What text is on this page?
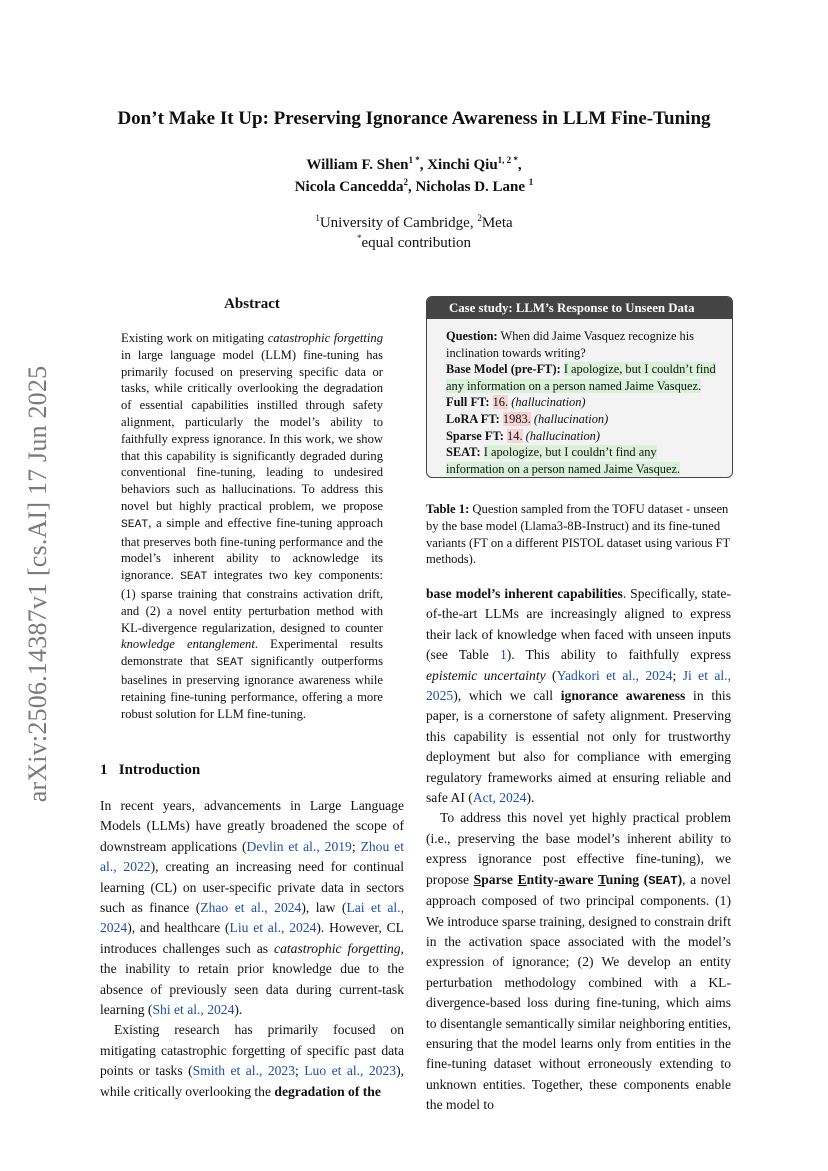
arXiv:2506.14387v1 [cs.AI] 17 Jun 2025
Don’t Make It Up: Preserving Ignorance Awareness in LLM Fine-Tuning
William F. Shen$^{1 *}$, Xinchi Qiu$^{1, 2 *}$,
Nicola Cancedda$^2$, Nicholas D. Lane $^1$
$^1$University of Cambridge, $^2$Meta
*equal contribution
Abstract
Existing work on mitigating catastrophic forgetting in large language model (LLM) fine-tuning has primarily focused on preserving specific data or tasks, while critically overlooking the degradation of essential capabilities instilled through safety alignment, particularly the model’s ability to faithfully express ignorance. In this work, we show that this capability is significantly degraded during conventional fine-tuning, leading to undesired behaviors such as hallucinations. To address this novel but highly practical problem, we propose SEAT, a simple and effective fine-tuning approach that preserves both fine-tuning performance and the model’s inherent ability to acknowledge its ignorance. SEAT integrates two key components: (1) sparse training that constrains activation drift, and (2) a novel entity perturbation method with KL-divergence regularization, designed to counter knowledge entanglement. Experimental results demonstrate that SEAT significantly outperforms baselines in preserving ignorance awareness while retaining fine-tuning performance, offering a more robust solution for LLM fine-tuning.
1 Introduction

In recent years, advancements in Large Language Models (LLMs) have greatly broadened the scope of downstream applications (Devlin et al., 2019; Zhou et al., 2022), creating an increasing need for continual learning (CL) on user-specific private data in sectors such as finance (Zhao et al., 2024), law (Lai et al., 2024), and healthcare (Liu et al., 2024). However, CL introduces challenges such as catastrophic forgetting, the inability to retain prior knowledge due to the absence of previously seen data during current-task learning (Shi et al., 2024).

Existing research has primarily focused on mitigating catastrophic forgetting of specific past data points or tasks (Smith et al., 2023; Luo et al., 2023), while critically overlooking the degradation of the

Case study: LLM’s Response to Unseen Data
Question: When did Jaime Vasquez recognize his inclination towards writing?
Base Model (pre-FT): I apologize, but I couldn’t find any information on a person named Jaime Vasquez.
Full FT: 16. (hallucination)
LoRA FT: 1983. (hallucination)
Sparse FT: 14. (hallucination)
SEAT: I apologize, but I couldn’t find any information on a person named Jaime Vasquez.
Table 1: Question sampled from the TOFU dataset - unseen by the base model (Llama3-8B-Instruct) and its fine-tuned variants (FT on a different PISTOL dataset using various FT methods).

base model’s inherent capabilities. Specifically, state-of-the-art LLMs are increasingly aligned to express their lack of knowledge when faced with unseen inputs (see Table 1). This ability to faithfully express epistemic uncertainty (Yadkori et al., 2024; Ji et al., 2025), which we call ignorance awareness in this paper, is a cornerstone of safety alignment. Preserving this capability is essential not only for trustworthy deployment but also for compliance with emerging regulatory frameworks aimed at ensuring reliable and safe AI (Act, 2024).

To address this novel yet highly practical problem (i.e., preserving the base model’s inherent ability to express ignorance post effective fine-tuning), we propose Sparse Entity-aware Tuning (SEAT), a novel approach composed of two principal components. (1) We introduce sparse training, designed to constrain drift in the activation space associated with the model’s expression of ignorance; (2) We develop an entity perturbation methodology combined with a KL-divergence-based loss during fine-tuning, which aims to disentangle semantically similar neighboring entities, ensuring that the model learns only from entities in the fine-tuning dataset without erroneously extending to unknown entities. Together, these components enable the model to
